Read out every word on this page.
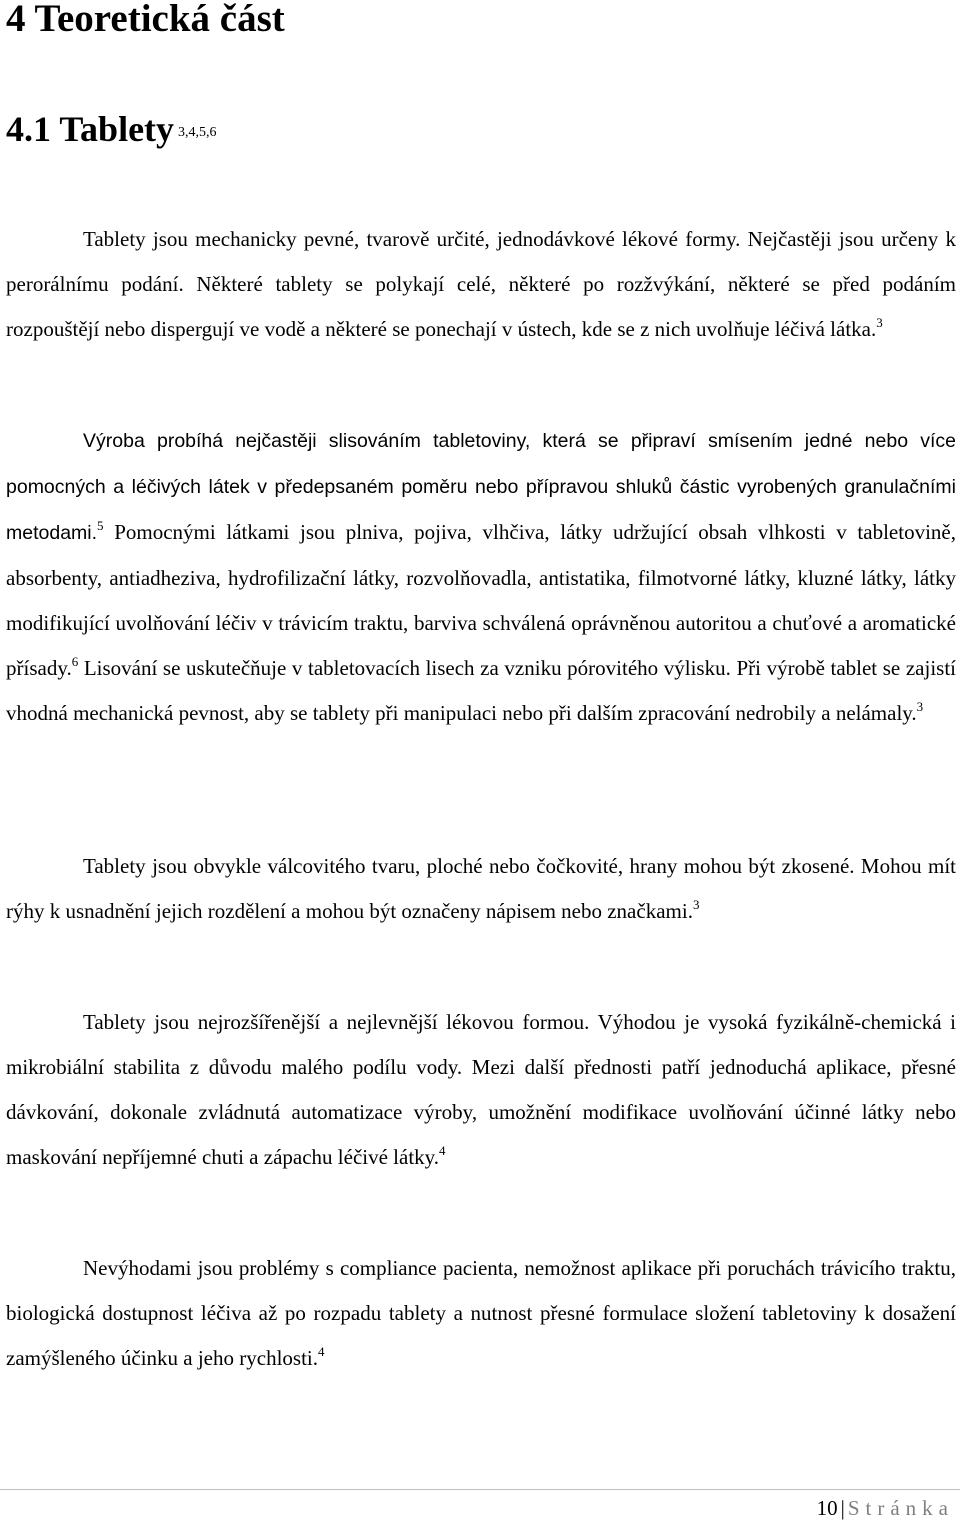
4 Teoretická část
4.1 Tablety $^{3,4,5,6}$

Tablety jsou mechanicky pevné, tvarově určité, jednodávkové lékové formy. Nejčastěji jsou určeny k perorálnímu podání. Některé tablety se polykají celé, některé po rozžvýkání, některé se před podáním rozpouštějí nebo dispergují ve vodě a některé se ponechají v ústech, kde se z nich uvolňuje léčivá látka.$^3$

Výroba probíhá nejčastěji slisováním tabletoviny, která se připraví smísením jedné nebo více pomocných a léčivých látek v předepsaném poměru nebo přípravou shluků částic vyrobených granulačními metodami.$^5$ Pomocnými látkami jsou plniva, pojiva, vlhčiva, látky udržující obsah vlhkosti v tabletovině, absorbenty, antiadheziva, hydrofilizační látky, rozvolňovadla, antistatika, filmotvorné látky, kluzné látky, látky modifikující uvolňování léčiv v trávicím traktu, barviva schválená oprávněnou autoritou a chuťové a aromatické přísady.$^6$ Lisování se uskutečňuje v tabletovacích lisech za vzniku pórovitého výlisku. Při výrobě tablet se zajistí vhodná mechanická pevnost, aby se tablety při manipulaci nebo při dalším zpracování nedrobily a nelámaly.$^3$

Tablety jsou obvykle válcovitého tvaru, ploché nebo čočkovité, hrany mohou být zkosené. Mohou mít rýhy k usnadnění jejich rozdělení a mohou být označeny nápisem nebo značkami.$^3$

Tablety jsou nejrozšířenější a nejlevnější lékovou formou. Výhodou je vysoká fyzikálně-chemická i mikrobiální stabilita z důvodu malého podílu vody. Mezi další přednosti patří jednoduchá aplikace, přesné dávkování, dokonale zvládnutá automatizace výroby, umožnění modifikace uvolňování účinné látky nebo maskování nepříjemné chuti a zápachu léčivé látky.$^4$

Nevýhodami jsou problémy s compliance pacienta, nemožnost aplikace při poruchách trávicího traktu, biologická dostupnost léčiva až po rozpadu tablety a nutnost přesné formulace složení tabletoviny k dosažení zamýšleného účinku a jeho rychlosti.$^4$

10 | Stránka
